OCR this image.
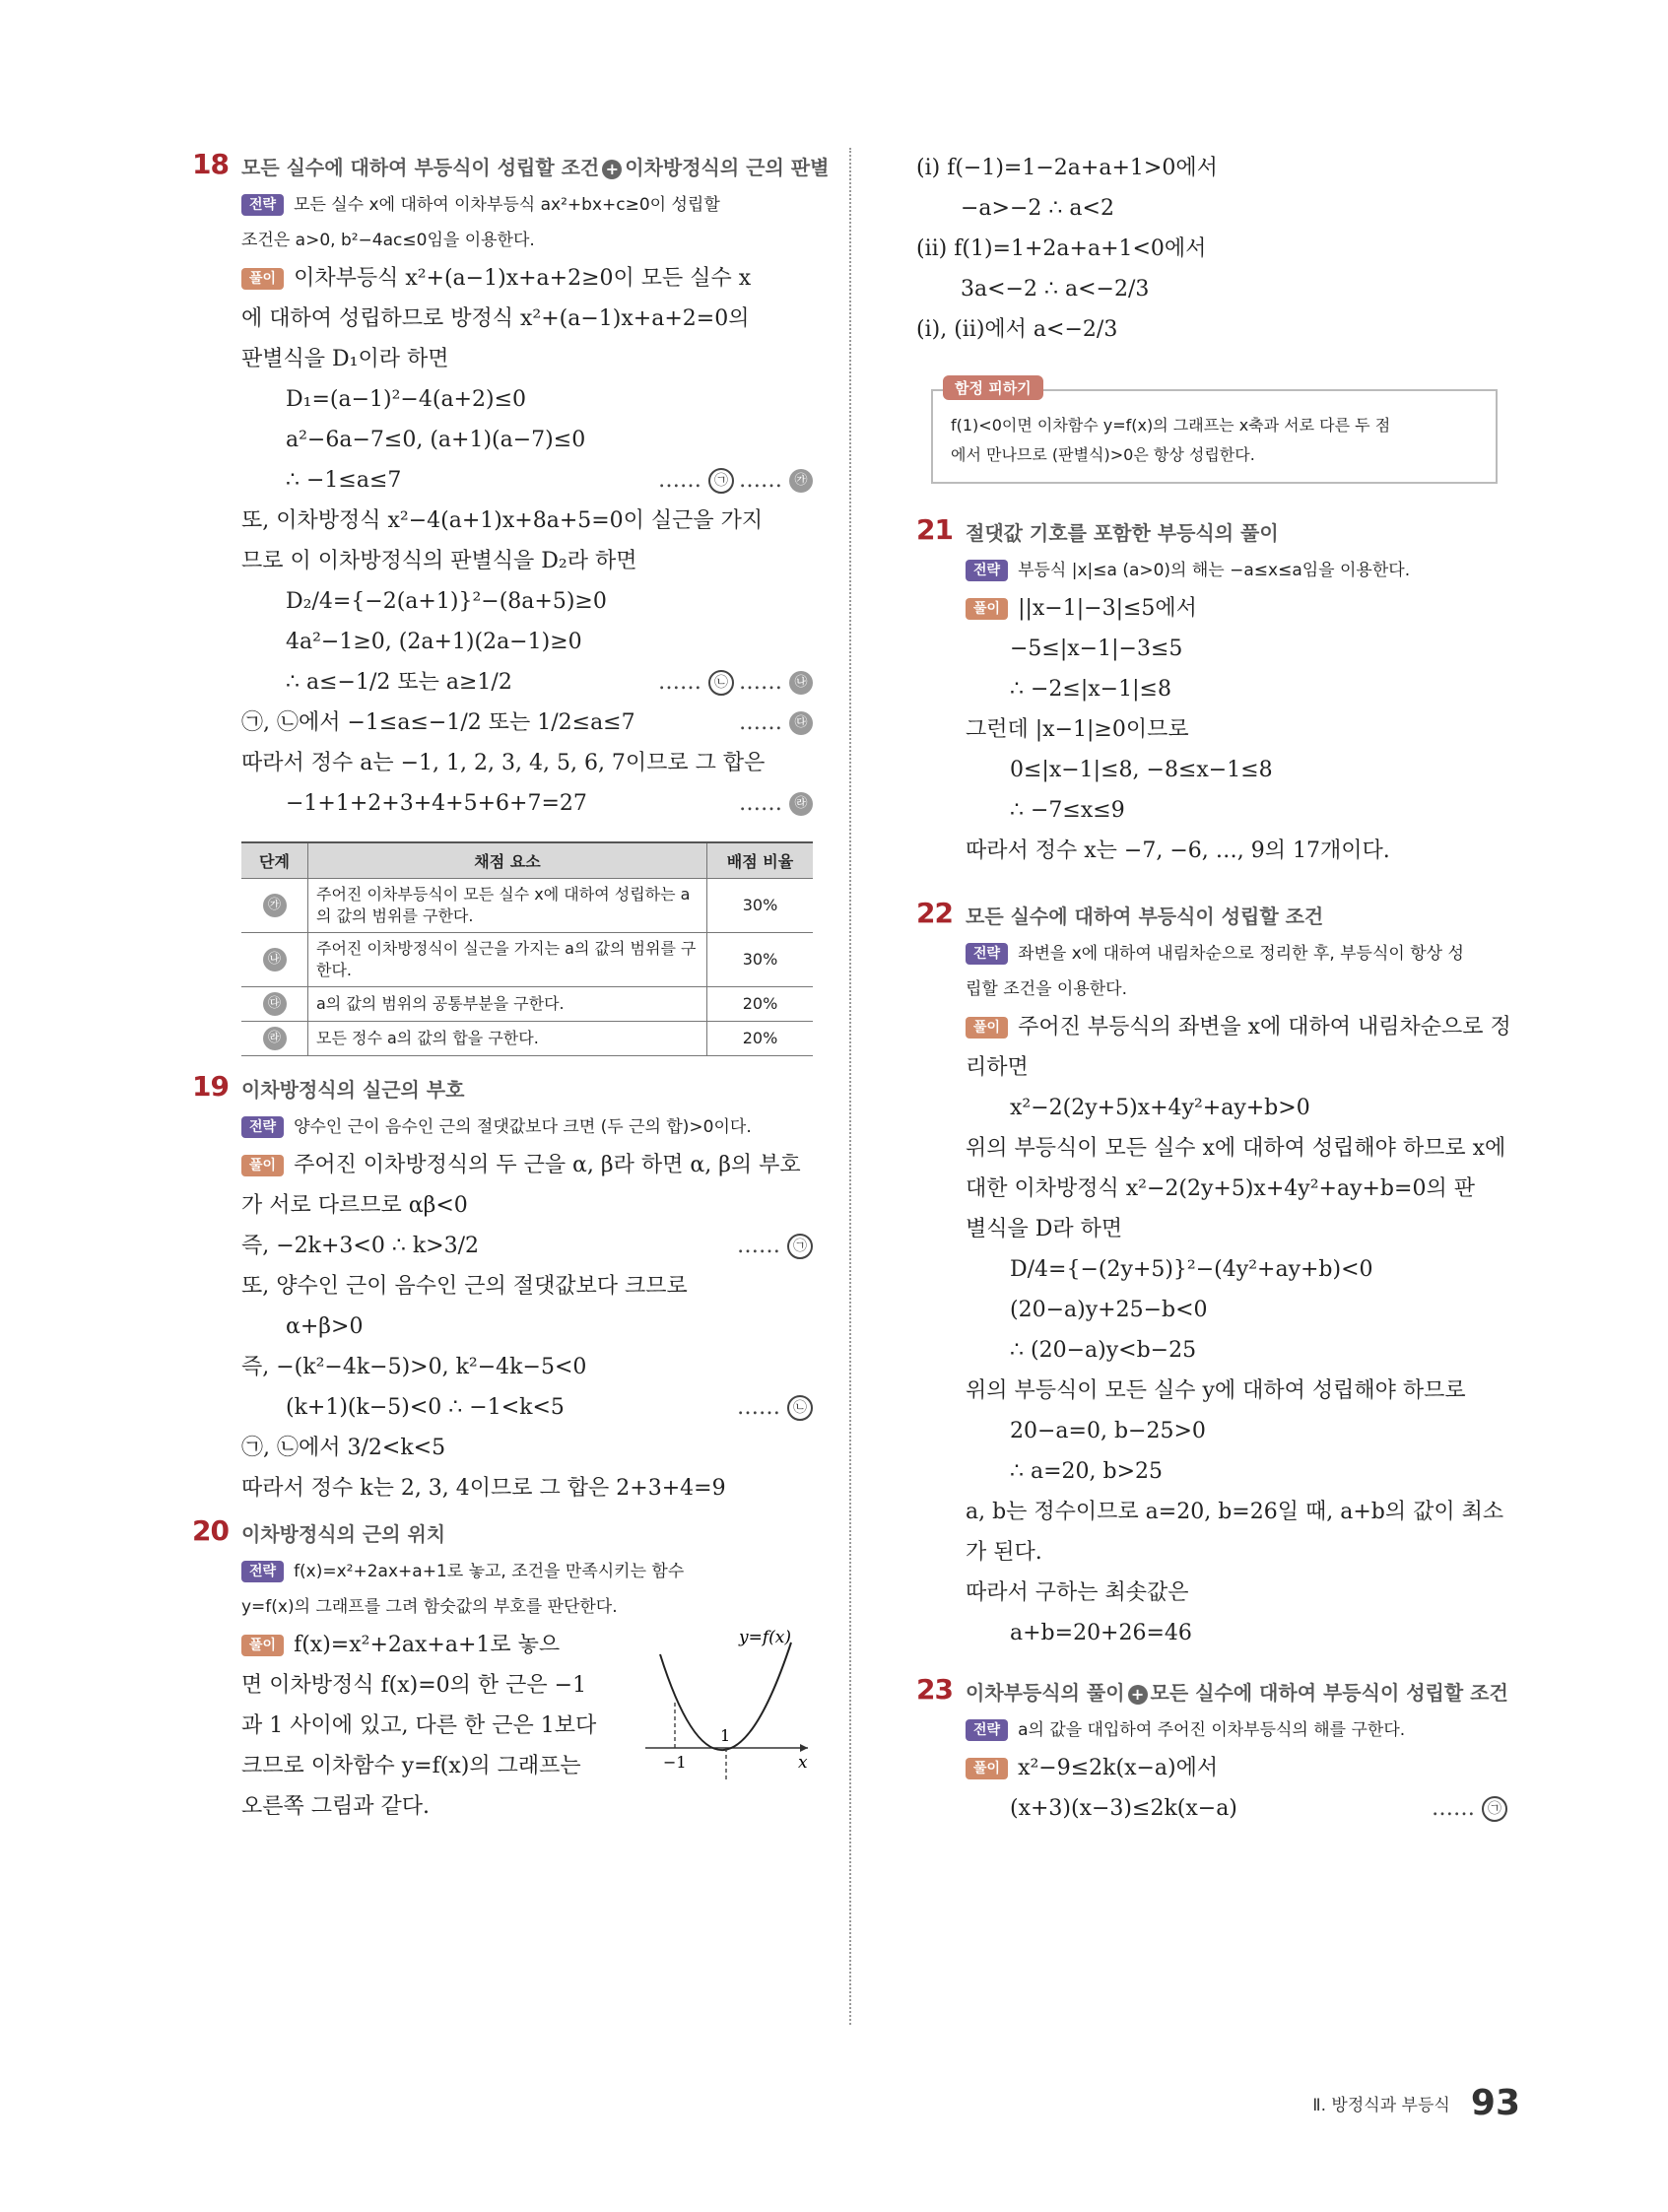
18 모든 실수에 대하여 부등식이 성립할 조건 + 이차방정식의 근의 판별
전략 모든 실수 x에 대하여 이차부등식 ax²+bx+c≥0이 성립할
조건은 a>0, b²−4ac≤0임을 이용한다.
풀이 이차부등식 x²+(a−1)x+a+2≥0이 모든 실수 x
에 대하여 성립하므로 방정식 x²+(a−1)x+a+2=0의
판별식을 D₁이라 하면
D₁=(a−1)²−4(a+2)≤0
a²−6a−7≤0, (a+1)(a−7)≤0
∴ −1≤a≤7	…… ㉠ …… ㉮
또, 이차방정식 x²−4(a+1)x+8a+5=0이 실근을 가지
므로 이 이차방정식의 판별식을 D₂라 하면
D₂/4={−2(a+1)}²−(8a+5)≥0
4a²−1≥0, (2a+1)(2a−1)≥0
∴ a≤−1/2 또는 a≥1/2	…… ㉡ …… ㉯
㉠, ㉡에서 −1≤a≤−1/2 또는 1/2≤a≤7	…… ㉰
따라서 정수 a는 −1, 1, 2, 3, 4, 5, 6, 7이므로 그 합은
−1+1+2+3+4+5+6+7=27	…… ㉱
단계	채점 요소	배점 비율
㉮	주어진 이차부등식이 모든 실수 x에 대하여 성립하는 a의 값의 범위를 구한다.	30%
㉯	주어진 이차방정식이 실근을 가지는 a의 값의 범위를 구한다.	30%
㉰	a의 값의 범위의 공통부분을 구한다.	20%
㉱	모든 정수 a의 값의 합을 구한다.	20%
19 이차방정식의 실근의 부호
전략 양수인 근이 음수인 근의 절댓값보다 크면 (두 근의 합)>0이다.
풀이 주어진 이차방정식의 두 근을 α, β라 하면 α, β의 부호
가 서로 다르므로 αβ<0
즉, −2k+3<0 ∴ k>3/2	…… ㉠
또, 양수인 근이 음수인 근의 절댓값보다 크므로
α+β>0
즉, −(k²−4k−5)>0, k²−4k−5<0
(k+1)(k−5)<0 ∴ −1<k<5	…… ㉡
㉠, ㉡에서 3/2<k<5
따라서 정수 k는 2, 3, 4이므로 그 합은 2+3+4=9
20 이차방정식의 근의 위치
전략 f(x)=x²+2ax+a+1로 놓고, 조건을 만족시키는 함수
y=f(x)의 그래프를 그려 함숫값의 부호를 판단한다.
풀이 f(x)=x²+2ax+a+1로 놓으
면 이차방정식 f(x)=0의 한 근은 −1
과 1 사이에 있고, 다른 한 근은 1보다
크므로 이차함수 y=f(x)의 그래프는
오른쪽 그림과 같다.
y=f(x)
x
−1
1
(ⅰ) f(−1)=1−2a+a+1>0에서
−a>−2 ∴ a<2
(ⅱ) f(1)=1+2a+a+1<0에서
3a<−2 ∴ a<−2/3
(ⅰ), (ⅱ)에서 a<−2/3
함정 피하기
f(1)<0이면 이차함수 y=f(x)의 그래프는 x축과 서로 다른 두 점
에서 만나므로 (판별식)>0은 항상 성립한다.
21 절댓값 기호를 포함한 부등식의 풀이
전략 부등식 |x|≤a (a>0)의 해는 −a≤x≤a임을 이용한다.
풀이 ||x−1|−3|≤5에서
−5≤|x−1|−3≤5
∴ −2≤|x−1|≤8
그런데 |x−1|≥0이므로
0≤|x−1|≤8, −8≤x−1≤8
∴ −7≤x≤9
따라서 정수 x는 −7, −6, …, 9의 17개이다.
22 모든 실수에 대하여 부등식이 성립할 조건
전략 좌변을 x에 대하여 내림차순으로 정리한 후, 부등식이 항상 성
립할 조건을 이용한다.
풀이 주어진 부등식의 좌변을 x에 대하여 내림차순으로 정
리하면
x²−2(2y+5)x+4y²+ay+b>0
위의 부등식이 모든 실수 x에 대하여 성립해야 하므로 x에
대한 이차방정식 x²−2(2y+5)x+4y²+ay+b=0의 판
별식을 D라 하면
D/4={−(2y+5)}²−(4y²+ay+b)<0
(20−a)y+25−b<0
∴ (20−a)y<b−25
위의 부등식이 모든 실수 y에 대하여 성립해야 하므로
20−a=0, b−25>0
∴ a=20, b>25
a, b는 정수이므로 a=20, b=26일 때, a+b의 값이 최소
가 된다.
따라서 구하는 최솟값은
a+b=20+26=46
23 이차부등식의 풀이 + 모든 실수에 대하여 부등식이 성립할 조건
전략 a의 값을 대입하여 주어진 이차부등식의 해를 구한다.
풀이 x²−9≤2k(x−a)에서
(x+3)(x−3)≤2k(x−a)	…… ㉠
Ⅱ. 방정식과 부등식 93
